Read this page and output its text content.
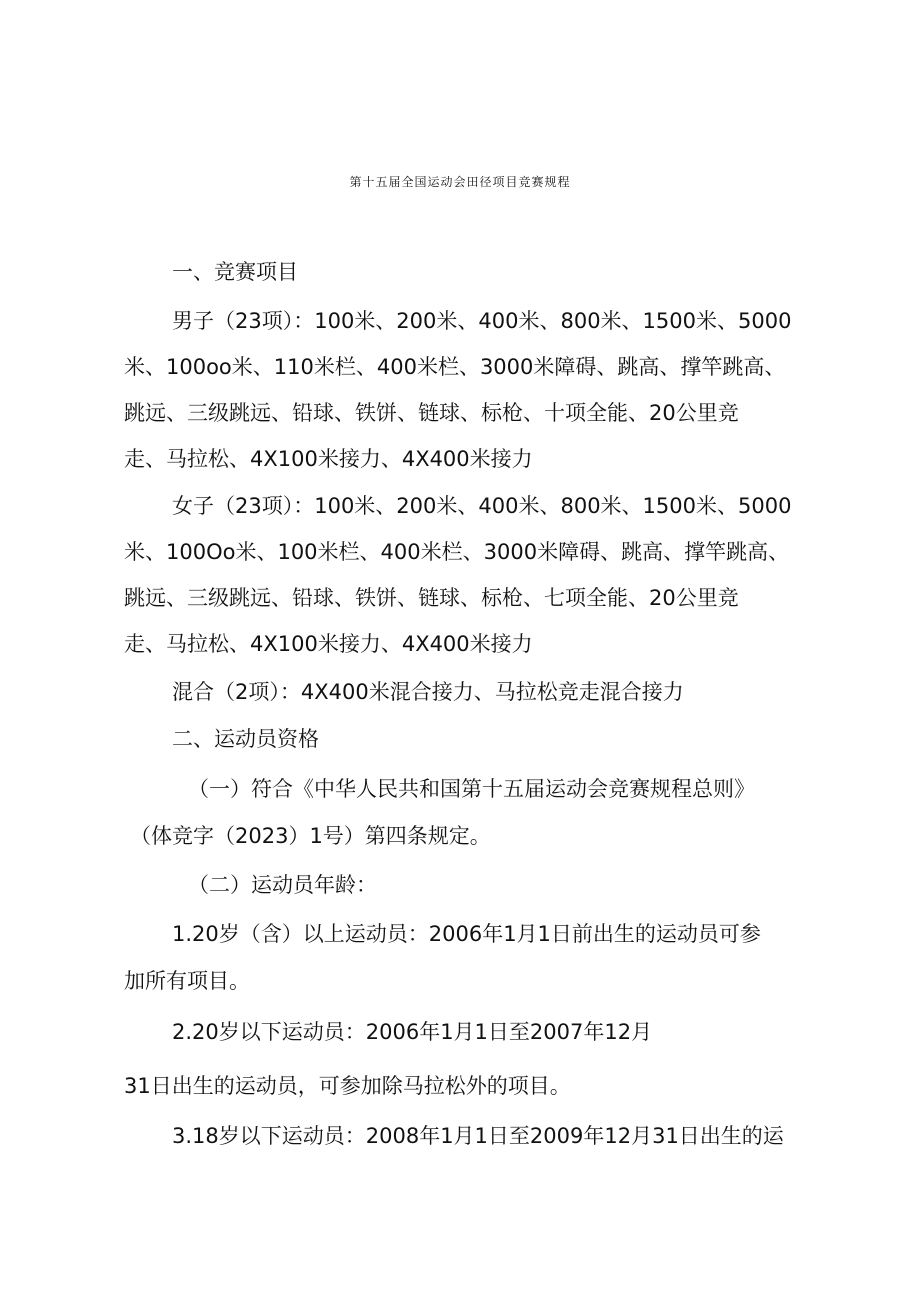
第十五届全国运动会田径项目竞赛规程
一、竞赛项目
男子（23项）：100米、200米、400米、800米、1500米、5000
米、100oo米、110米栏、400米栏、3000米障碍、跳高、撑竿跳高、
跳远、三级跳远、铅球、铁饼、链球、标枪、十项全能、20公里竞
走、马拉松、4X100米接力、4X400米接力
女子（23项）：100米、200米、400米、800米、1500米、5000
米、100Oo米、100米栏、400米栏、3000米障碍、跳高、撑竿跳高、
跳远、三级跳远、铅球、铁饼、链球、标枪、七项全能、20公里竞
走、马拉松、4X100米接力、4X400米接力
混合（2项）：4X400米混合接力、马拉松竞走混合接力
二、运动员资格
（一）符合《中华人民共和国第十五届运动会竞赛规程总则》
（体竞字（2023）1号）第四条规定。
（二）运动员年龄：
1.20岁（含）以上运动员：2006年1月1日前出生的运动员可参
加所有项目。
2.20岁以下运动员：2006年1月1日至2007年12月
31日出生的运动员，可参加除马拉松外的项目。
3.18岁以下运动员：2008年1月1日至2009年12月31日出生的运
